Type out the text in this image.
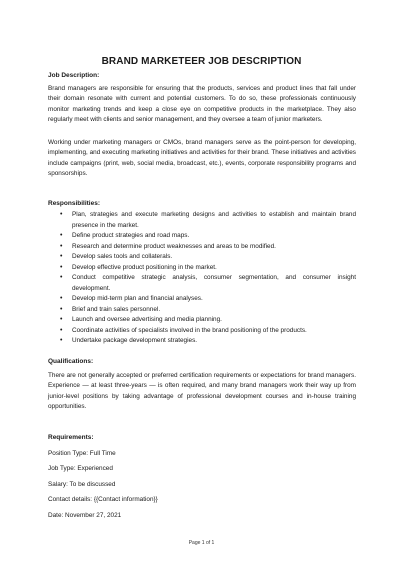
BRAND MARKETEER JOB DESCRIPTION
Job Description:

Brand managers are responsible for ensuring that the products, services and product lines that fall under their domain resonate with current and potential customers. To do so, these professionals continuously monitor marketing trends and keep a close eye on competitive products in the marketplace. They also regularly meet with clients and senior management, and they oversee a team of junior marketers.

Working under marketing managers or CMOs, brand managers serve as the point-person for developing, implementing, and executing marketing initiatives and activities for their brand. These initiatives and activities include campaigns (print, web, social media, broadcast, etc.), events, corporate responsibility programs and sponsorships.

Responsibilities:
• Plan, strategies and execute marketing designs and activities to establish and maintain brand presence in the market.
• Define product strategies and road maps.
• Research and determine product weaknesses and areas to be modified.
• Develop sales tools and collaterals.
• Develop effective product positioning in the market.
• Conduct competitive strategic analysis, consumer segmentation, and consumer insight development.
• Develop mid-term plan and financial analyses.
• Brief and train sales personnel.
• Launch and oversee advertising and media planning.
• Coordinate activities of specialists involved in the brand positioning of the products.
• Undertake package development strategies.
Qualifications:

There are not generally accepted or preferred certification requirements or expectations for brand managers. Experience — at least three-years — is often required, and many brand managers work their way up from junior-level positions by taking advantage of professional development courses and in-house training opportunities.

Requirements:
Position Type: Full Time
Job Type: Experienced
Salary: To be discussed
Contact details: {{Contact information}}
Date: November 27, 2021
Page 1 of 1
